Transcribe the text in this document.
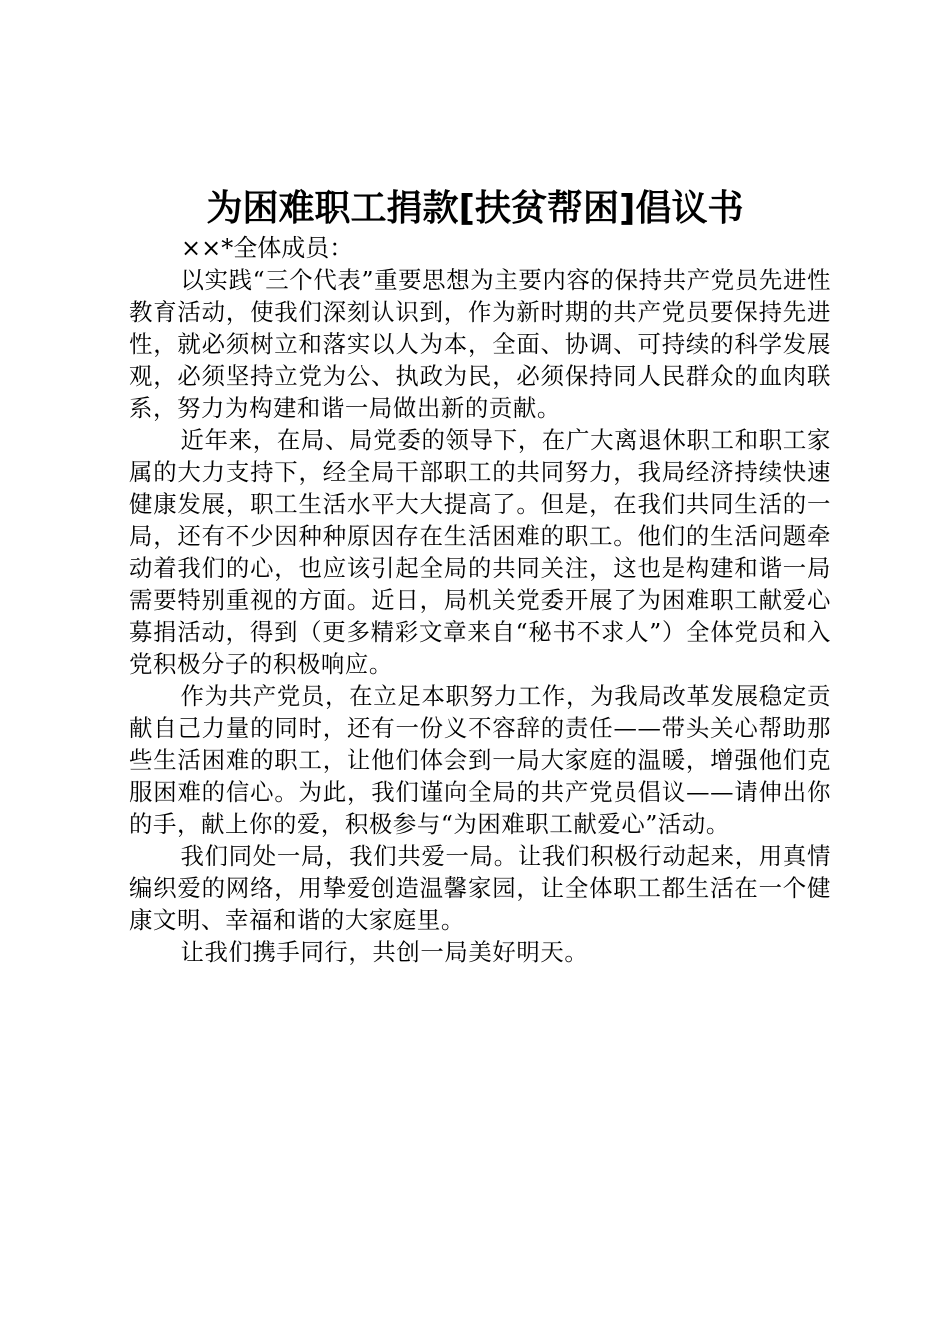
为困难职工捐款[扶贫帮困]倡议书

××*全体成员：

以实践“三个代表”重要思想为主要内容的保持共产党员先进性教育活动，使我们深刻认识到，作为新时期的共产党员要保持先进性，就必须树立和落实以人为本，全面、协调、可持续的科学发展观，必须坚持立党为公、执政为民，必须保持同人民群众的血肉联系，努力为构建和谐一局做出新的贡献。

近年来，在局、局党委的领导下，在广大离退休职工和职工家属的大力支持下，经全局干部职工的共同努力，我局经济持续快速健康发展，职工生活水平大大提高了。但是，在我们共同生活的一局，还有不少因种种原因存在生活困难的职工。他们的生活问题牵动着我们的心，也应该引起全局的共同关注，这也是构建和谐一局需要特别重视的方面。近日，局机关党委开展了为困难职工献爱心募捐活动，得到（更多精彩文章来自“秘书不求人”）全体党员和入党积极分子的积极响应。

作为共产党员，在立足本职努力工作，为我局改革发展稳定贡献自己力量的同时，还有一份义不容辞的责任——带头关心帮助那些生活困难的职工，让他们体会到一局大家庭的温暖，增强他们克服困难的信心。为此，我们谨向全局的共产党员倡议——请伸出你的手，献上你的爱，积极参与“为困难职工献爱心”活动。

我们同处一局，我们共爱一局。让我们积极行动起来，用真情编织爱的网络，用挚爱创造温馨家园，让全体职工都生活在一个健康文明、幸福和谐的大家庭里。

让我们携手同行，共创一局美好明天。
